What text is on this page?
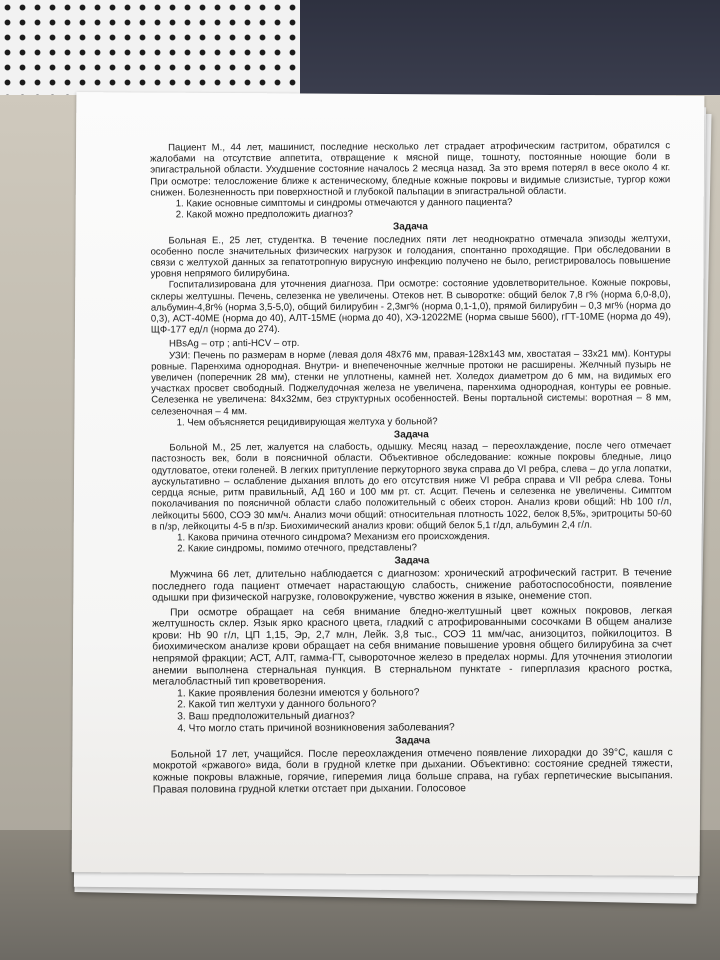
Пациент М., 44 лет, машинист, последние несколько лет страдает атрофическим гастритом, обратился с жалобами на отсутствие аппетита, отвращение к мясной пище, тошноту, постоянные ноющие боли в эпигастральной области. Ухудшение состояние началось 2 месяца назад. За это время потерял в весе около 4 кг. При осмотре: телосложение ближе к астеническому, бледные кожные покровы и видимые слизистые, тургор кожи снижен. Болезненность при поверхностной и глубокой пальпации в эпигастральной области.

1. Какие основные симптомы и синдромы отмечаются у данного пациента?
2. Какой можно предположить диагноз?
Задача

Больная Е., 25 лет, студентка. В течение последних пяти лет неоднократно отмечала эпизоды желтухи, особенно после значительных физических нагрузок и голодания, спонтанно проходящие. При обследовании в связи с желтухой данных за гепатотропную вирусную инфекцию получено не было, регистрировалось повышение уровня непрямого билирубина.

Госпитализирована для уточнения диагноза. При осмотре: состояние удовлетворительное. Кожные покровы, склеры желтушны. Печень, селезенка не увеличены. Отеков нет. В сыворотке: общий белок 7,8 г% (норма 6,0-8,0), альбумин-4,8г% (норма 3,5-5,0), общий билирубин - 2,3мг% (норма 0,1-1,0), прямой билирубин – 0,3 мг% (норма до 0,3), АСТ-40МЕ (норма до 40), АЛТ-15МЕ (норма до 40), ХЭ-12022МЕ (норма свыше 5600), гГТ-10МЕ (норма до 49), ЩФ-177 ед/л (норма до 274).

HBsAg – отр ; anti-HCV – отр.

УЗИ: Печень по размерам в норме (левая доля 48х76 мм, правая-128х143 мм, хвостатая – 33х21 мм). Контуры ровные. Паренхима однородная. Внутри- и внепеченочные желчные протоки не расширены. Желчный пузырь не увеличен (поперечник 28 мм), стенки не уплотнены, камней нет. Холедох диаметром до 6 мм, на видимых его участках просвет свободный. Поджелудочная железа не увеличена, паренхима однородная, контуры ее ровные. Селезенка не увеличена: 84х32мм, без структурных особенностей. Вены портальной системы: воротная – 8 мм, селезеночная – 4 мм.

1. Чем объясняется рецидивирующая желтуха у больной?
Задача

Больной М., 25 лет, жалуется на слабость, одышку. Месяц назад – переохлаждение, после чего отмечает пастозность век, боли в поясничной области. Объективное обследование: кожные покровы бледные, лицо одутловатое, отеки голеней. В легких притупление перкуторного звука справа до VI ребра, слева – до угла лопатки, аускультативно – ослабление дыхания вплоть до его отсутствия ниже VI ребра справа и VII ребра слева. Тоны сердца ясные, ритм правильный, АД 160 и 100 мм рт. ст. Асцит. Печень и селезенка не увеличены. Симптом поколачивания по поясничной области слабо положительный с обеих сторон. Анализ крови общий: Hb 100 г/л, лейкоциты 5600, СОЭ 30 мм/ч. Анализ мочи общий: относительная плотность 1022, белок 8,5‰, эритроциты 50-60 в п/зр, лейкоциты 4-5 в п/зр. Биохимический анализ крови: общий белок 5,1 г/дл, альбумин 2,4 г/л.

1. Какова причина отечного синдрома? Механизм его происхождения.
2. Какие синдромы, помимо отечного, представлены?
Задача

Мужчина 66 лет, длительно наблюдается с диагнозом: хронический атрофический гастрит. В течение последнего года пациент отмечает нарастающую слабость, снижение работоспособности, появление одышки при физической нагрузке, головокружение, чувство жжения в языке, онемение стоп.

При осмотре обращает на себя внимание бледно-желтушный цвет кожных покровов, легкая желтушность склер. Язык ярко красного цвета, гладкий с атрофированными сосочками В общем анализе крови: Hb 90 г/л, ЦП 1,15, Эр, 2,7 млн, Лейк. 3,8 тыс., СОЭ 11 мм/час, анизоцитоз, пойкилоцитоз. В биохимическом анализе крови обращает на себя внимание повышение уровня общего билирубина за счет непрямой фракции; АСТ, АЛТ, гамма-ГТ, сывороточное железо в пределах нормы. Для уточнения этиологии анемии выполнена стернальная пункция. В стернальном пунктате - гиперплазия красного ростка, мегалобластный тип кроветворения.

1. Какие проявления болезни имеются у больного?
2. Какой тип желтухи у данного больного?
3. Ваш предположительный диагноз?
4. Что могло стать причиной возникновения заболевания?
Задача

Больной 17 лет, учащийся. После переохлаждения отмечено появление лихорадки до 39°С, кашля с мокротой «ржавого» вида, боли в грудной клетке при дыхании. Объективно: состояние средней тяжести, кожные покровы влажные, горячие, гиперемия лица больше справа, на губах герпетические высыпания. Правая половина грудной клетки отстает при дыхании. Голосовое
